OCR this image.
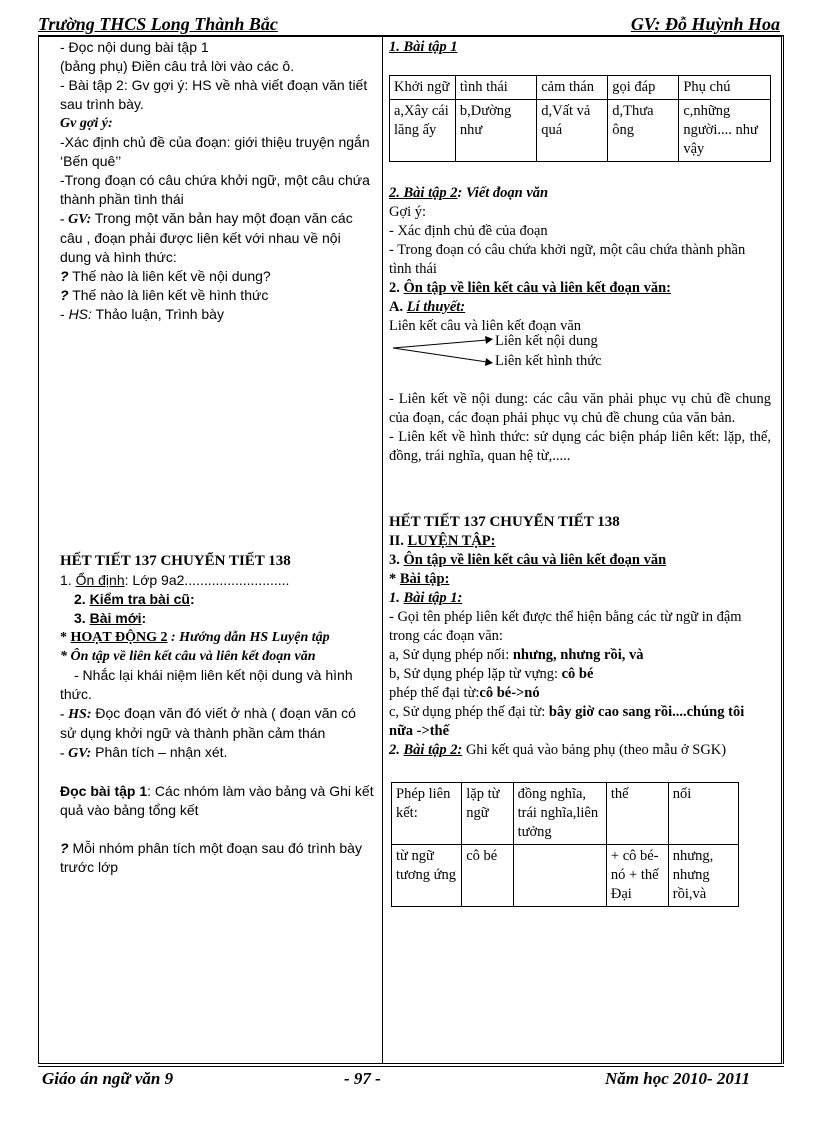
Trường THCS Long Thành Bắc	GV: Đỗ Huỳnh Hoa

- Đọc nội dung bài tập 1

(bảng phụ) Điền câu trả lời vào các ô.

- Bài tập 2: Gv gợi ý: HS về nhà viết đoạn văn tiết sau trình bày.

Gv gợi ý:

-Xác định chủ đề của đoạn: giới thiệu truyện ngắn ‘Bến quê’’

-Trong đoạn có câu chứa khởi ngữ, một câu chứa thành phần tình thái

- GV: Trong một văn bản hay một đoạn văn các câu , đoạn phải được liên kết với nhau về nội dung và hình thức:

? Thế nào là liên kết về nội dung?

? Thế nào là liên kết về hình thức

- HS: Thảo luận, Trình bày

HẾT TIẾT 137 CHUYỂN TIẾT 138

1. Ổn định: Lớp 9a2...........................

2. Kiểm tra bài cũ:

3. Bài mới:

* HOẠT ĐỘNG 2 : Hướng dẫn HS Luyện tập

* Ôn tập về liên kết câu và liên kết đoạn văn

- Nhắc lại khái niệm liên kết nội dung và hình thức.

- HS: Đọc đoạn văn đó viết ở nhà ( đoạn văn có sử dụng khởi ngữ và thành phần cảm thán

- GV: Phân tích – nhận xét.

Đọc bài tập 1: Các nhóm làm vào bảng và Ghi kết quả vào bảng tổng kết

? Mỗi nhóm phân tích một đoạn sau đó trình bày trước lớp

1. Bài tập 1

Khởi ngữ	tình thái	cảm thán	gọi đáp	Phụ chú
a,Xây cái lăng ấy	b,Dường như	d,Vất vả quá	d,Thưa ông	c,những người.... như vậy

2. Bài tập 2: Viết đoạn văn

Gợi ý:

- Xác định chủ đề của đoạn

- Trong đoạn có câu chứa khởi ngữ, một câu chứa thành phần tình thái

2. Ôn tập về liên kết câu và liên kết đoạn văn:

A. Lí thuyết:

Liên kết câu và liên kết đoạn văn

Liên kết nội dung
Liên kết hình thức

- Liên kết về nội dung: các câu văn phải phục vụ chủ đề chung của đoạn, các đoạn phải phục vụ chủ đề chung của văn bản.

- Liên kết về hình thức: sử dụng các biện pháp liên kết: lặp, thế, đồng, trái nghĩa, quan hệ từ,.....

HẾT TIẾT 137 CHUYỂN TIẾT 138

II. LUYỆN TẬP:

3. Ôn tập về liên kết câu và liên kết đoạn văn

* Bài tập:

1. Bài tập 1:

- Gọi tên phép liên kết được thể hiện bằng các từ ngữ in đậm trong các đoạn văn:

a, Sử dụng phép nối: nhưng, nhưng rồi, và

b, Sử dụng phép lặp từ vựng: cô bé

phép thế đại từ:cô bé->nó

c, Sử dụng phép thế đại từ: bây giờ cao sang rồi....chúng tôi nữa ->thế

2. Bài tập 2: Ghi kết quả vào bảng phụ (theo mẫu ở SGK)

Phép liên kết:	lặp từ ngữ	đồng nghĩa, trái nghĩa,liên tưởng	thế	nối
từ ngữ tương ứng	cô bé		+ cô bé-nó + thế Đại	nhưng, nhưng rồi,và
Giáo án ngữ văn 9	- 97 -	Năm học 2010- 2011
